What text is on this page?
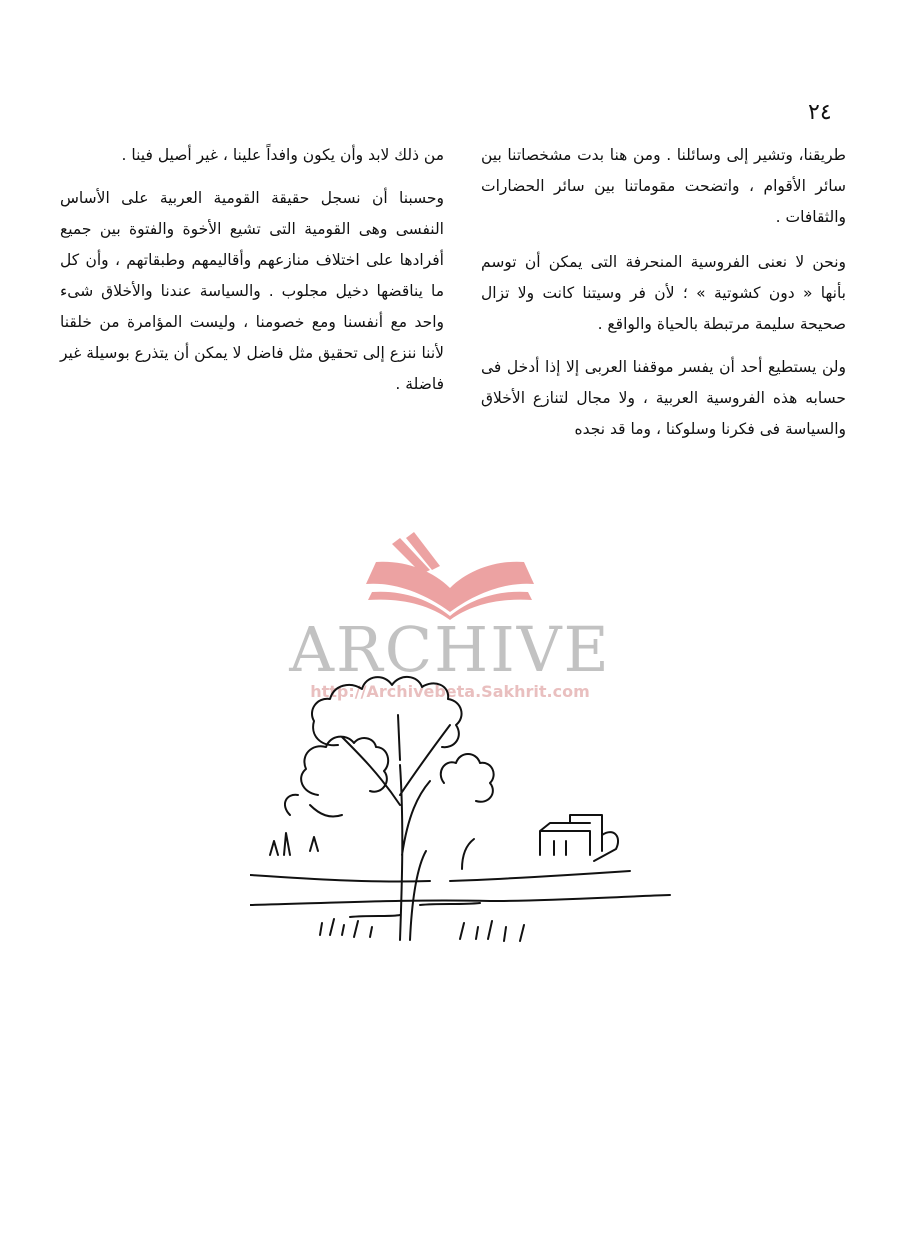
٢٤

طريقنا، وتشير إلى وسائلنا . ومن هنا بدت مشخصاتنا بين سائر الأقوام ، واتضحت مقوماتنا بين سائر الحضارات والثقافات .

ونحن لا نعنى الفروسية المنحرفة التى يمكن أن توسم بأنها « دون كشوتية » ؛ لأن فر وسيتنا كانت ولا تزال صحيحة سليمة مرتبطة بالحياة والواقع .

ولن يستطيع أحد أن يفسر موقفنا العربى إلا إذا أدخل فى حسابه هذه الفروسية العربية ، ولا مجال لتنازع الأخلاق والسياسة فى فكرنا وسلوكنا ، وما قد نجده

من ذلك لابد وأن يكون وافداً علينا ، غير أصيل فينا .

وحسبنا أن نسجل حقيقة القومية العربية على الأساس النفسى وهى القومية التى تشيع الأخوة والفتوة بين جميع أفرادها على اختلاف منازعهم وأقاليمهم وطبقاتهم ، وأن كل ما يناقضها دخيل مجلوب . والسياسة عندنا والأخلاق شىء واحد مع أنفسنا ومع خصومنا ، وليست المؤامرة من خلقنا لأننا ننزع إلى تحقيق مثل فاضل لا يمكن أن يتذرع بوسيلة غير فاضلة .

ARCHIVE
http://Archivebeta.Sakhrit.com
